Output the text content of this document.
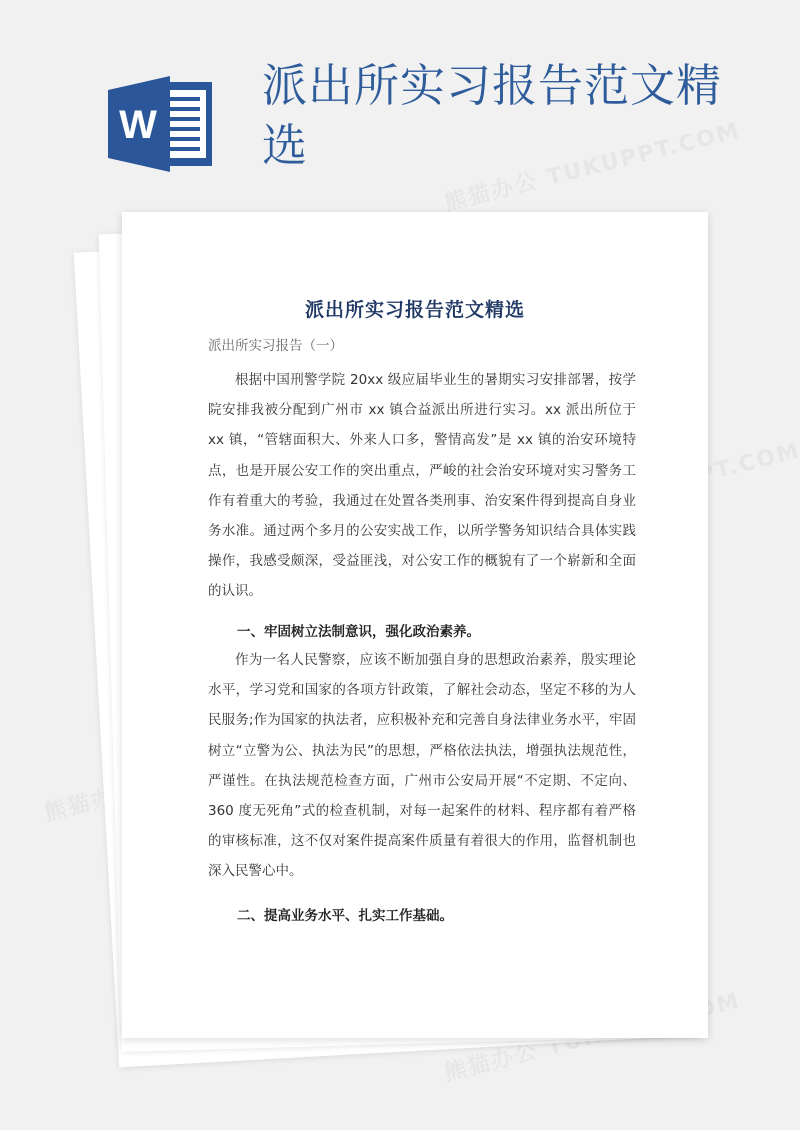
W
派出所实习报告范文精选
派出所实习报告范文精选
派出所实习报告（一）

根据中国刑警学院 20xx 级应届毕业生的暑期实习安排部署，按学院安排我被分配到广州市 xx 镇合益派出所进行实习。xx 派出所位于 xx 镇，“管辖面积大、外来人口多，警情高发”是 xx 镇的治安环境特点，也是开展公安工作的突出重点，严峻的社会治安环境对实习警务工作有着重大的考验，我通过在处置各类刑事、治安案件得到提高自身业务水准。通过两个多月的公安实战工作，以所学警务知识结合具体实践操作，我感受颇深，受益匪浅，对公安工作的概貌有了一个崭新和全面的认识。

一、牢固树立法制意识，强化政治素养。

作为一名人民警察，应该不断加强自身的思想政治素养，殷实理论水平，学习党和国家的各项方针政策，了解社会动态，坚定不移的为人民服务;作为国家的执法者，应积极补充和完善自身法律业务水平，牢固树立“立警为公、执法为民”的思想，严格依法执法，增强执法规范性，严谨性。在执法规范检查方面，广州市公安局开展“不定期、不定向、360 度无死角”式的检查机制，对每一起案件的材料、程序都有着严格的审核标准，这不仅对案件提高案件质量有着很大的作用，监督机制也深入民警心中。

二、提高业务水平、扎实工作基础。
